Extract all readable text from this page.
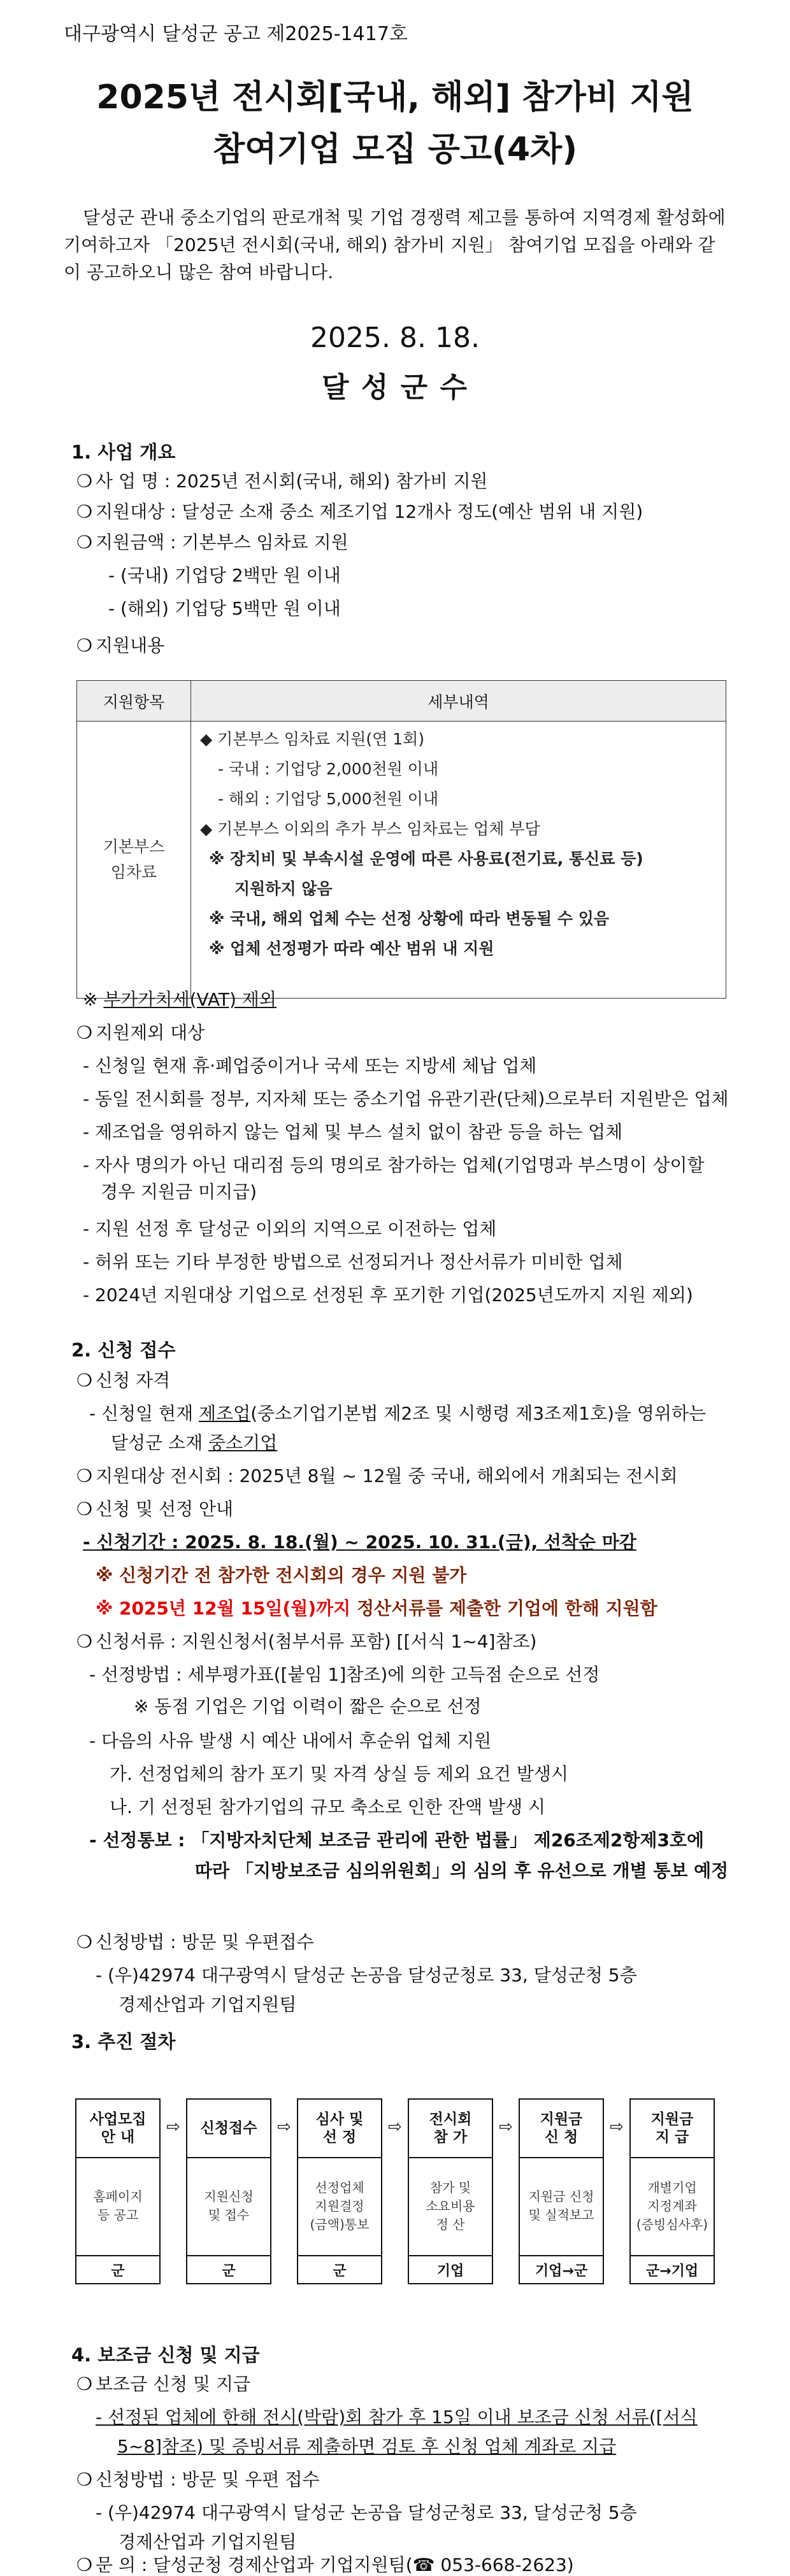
대구광역시 달성군 공고 제2025-1417호
2025년 전시회[국내, 해외] 참가비 지원
참여기업 모집 공고(4차)
달성군 관내 중소기업의 판로개척 및 기업 경쟁력 제고를 통하여 지역경제 활성화에 기여하고자 「2025년 전시회(국내, 해외) 참가비 지원」 참여기업 모집을 아래와 같이 공고하오니 많은 참여 바랍니다.
2025. 8. 18.
달 성 군 수
1. 사업 개요
❍ 사 업 명 : 2025년 전시회(국내, 해외) 참가비 지원
❍ 지원대상 : 달성군 소재 중소 제조기업 12개사 정도(예산 범위 내 지원)
❍ 지원금액 : 기본부스 임차료 지원
- (국내) 기업당 2백만 원 이내
- (해외) 기업당 5백만 원 이내
❍ 지원내용
지원항목	세부내역
기본부스
임차료
◆ 기본부스 임차료 지원(연 1회)
- 국내 : 기업당 2,000천원 이내
- 해외 : 기업당 5,000천원 이내
◆ 기본부스 이외의 추가 부스 임차료는 업체 부담
※ 장치비 및 부속시설 운영에 따른 사용료(전기료, 통신료 등)
지원하지 않음
※ 국내, 해외 업체 수는 선정 상황에 따라 변동될 수 있음
※ 업체 선정평가 따라 예산 범위 내 지원
※ 부가가치세(VAT) 제외
❍ 지원제외 대상
- 신청일 현재 휴·폐업중이거나 국세 또는 지방세 체납 업체
- 동일 전시회를 정부, 지자체 또는 중소기업 유관기관(단체)으로부터 지원받은 업체
- 제조업을 영위하지 않는 업체 및 부스 설치 없이 참관 등을 하는 업체
- 자사 명의가 아닌 대리점 등의 명의로 참가하는 업체(기업명과 부스명이 상이할
경우 지원금 미지급)
- 지원 선정 후 달성군 이외의 지역으로 이전하는 업체
- 허위 또는 기타 부정한 방법으로 선정되거나 정산서류가 미비한 업체
- 2024년 지원대상 기업으로 선정된 후 포기한 기업(2025년도까지 지원 제외)
2. 신청 접수
❍ 신청 자격
- 신청일 현재 제조업(중소기업기본법 제2조 및 시행령 제3조제1호)을 영위하는
달성군 소재 중소기업
❍ 지원대상 전시회 : 2025년 8월 ~ 12월 중 국내, 해외에서 개최되는 전시회
❍ 신청 및 선정 안내
- 신청기간 : 2025. 8. 18.(월) ~ 2025. 10. 31.(금), 선착순 마감
※ 신청기간 전 참가한 전시회의 경우 지원 불가
※ 2025년 12월 15일(월)까지 정산서류를 제출한 기업에 한해 지원함
❍ 신청서류 : 지원신청서(첨부서류 포함) [[서식 1~4]참조)
- 선정방법 : 세부평가표([붙임 1]참조)에 의한 고득점 순으로 선정
※ 동점 기업은 기업 이력이 짧은 순으로 선정
- 다음의 사유 발생 시 예산 내에서 후순위 업체 지원
가. 선정업체의 참가 포기 및 자격 상실 등 제외 요건 발생시
나. 기 선정된 참가기업의 규모 축소로 인한 잔액 발생 시
- 선정통보 : 「지방자치단체 보조금 관리에 관한 법률」 제26조제2항제3호에
따라 「지방보조금 심의위원회」의 심의 후 유선으로 개별 통보 예정
❍ 신청방법 : 방문 및 우편접수
- (우)42974 대구광역시 달성군 논공읍 달성군청로 33, 달성군청 5층
경제산업과 기업지원팀
3. 추진 절차
사업모집
안 내
홈페이지
등 공고
군
⇨ 신청접수

지원신청
및 접수
군
⇨ 심사 및
선 정
선정업체
지원결정
(금액)통보
군
⇨ 전시회
참 가
참가 및
소요비용
정 산
기업
⇨ 지원금
신 청
지원금 신청
및 실적보고
기업→군
⇨ 지원금
지 급
개별기업
지정계좌
(증빙심사후)
군→기업
4. 보조금 신청 및 지급
❍ 보조금 신청 및 지급
- 선정된 업체에 한해 전시(박람)회 참가 후 15일 이내 보조금 신청 서류([서식
5~8]참조) 및 증빙서류 제출하면 검토 후 신청 업체 계좌로 지급
❍ 신청방법 : 방문 및 우편 접수
- (우)42974 대구광역시 달성군 논공읍 달성군청로 33, 달성군청 5층
경제산업과 기업지원팀
❍ 문 의 : 달성군청 경제산업과 기업지원팀(☎ 053-668-2623)
